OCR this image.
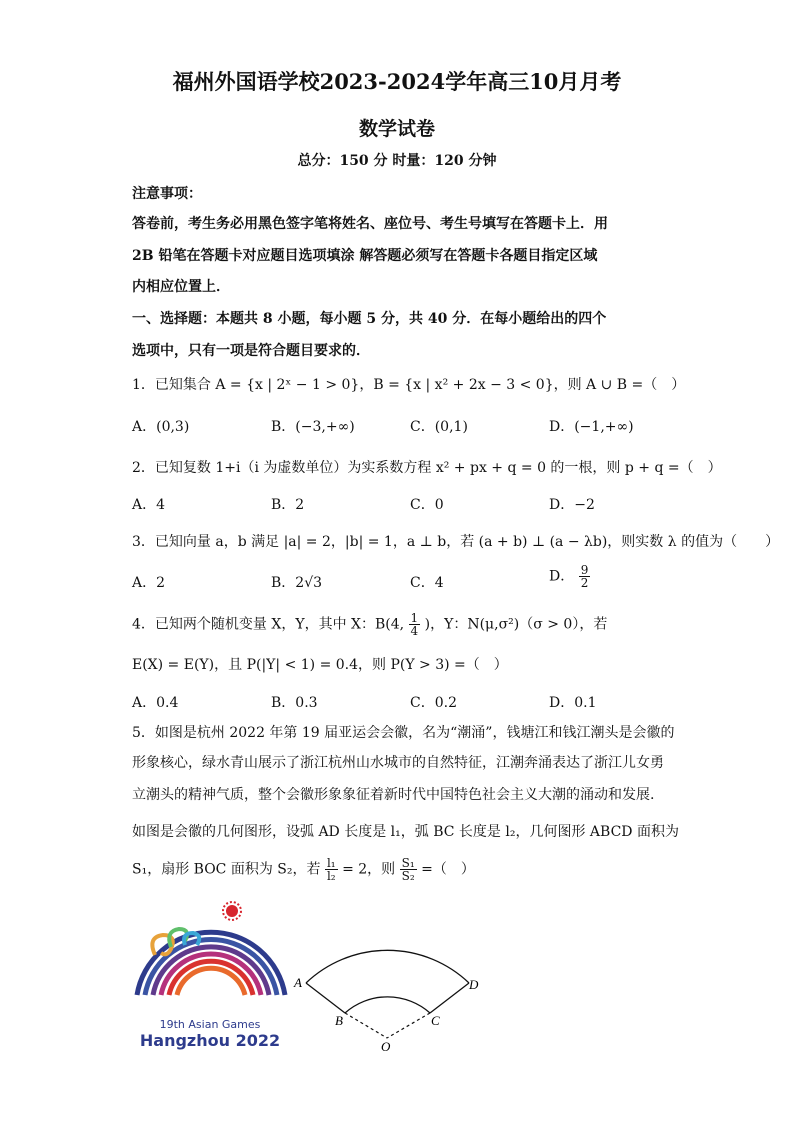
福州外国语学校2023-2024学年高三10月月考
数学试卷
总分：150 分 时量：120 分钟
注意事项：
答卷前，考生务必用黑色签字笔将姓名、座位号、考生号填写在答题卡上．用
2B 铅笔在答题卡对应题目选项填涂 解答题必须写在答题卡各题目指定区域
内相应位置上．
一、选择题：本题共 8 小题，每小题 5 分，共 40 分．在每小题给出的四个
选项中，只有一项是符合题目要求的．
1．已知集合 A = {x | 2ˣ − 1 > 0}，B = {x | x² + 2x − 3 < 0}，则 A ∪ B =（　）
A．(0,3)	B．(−3,+∞)	C．(0,1)	D．(−1,+∞)
2．已知复数 1+i（i 为虚数单位）为实系数方程 x² + px + q = 0 的一根，则 p + q =（　）
A．4	B．2	C．0	D．−2
3．已知向量 a，b 满足 |a| = 2，|b| = 1，a ⊥ b，若 (a + b) ⊥ (a − λb)，则实数 λ 的值为（　　）
A．2	B．2√3	C．4	D． $\frac{9}{2}$
4．已知两个随机变量 X，Y，其中 X：B(4, $\frac{1}{4}$ )，Y：N(μ,σ²)（σ > 0），若
E(X) = E(Y)，且 P(|Y| < 1) = 0.4，则 P(Y > 3) =（　）
A．0.4	B．0.3	C．0.2	D．0.1
5．如图是杭州 2022 年第 19 届亚运会会徽，名为“潮涌”，钱塘江和钱江潮头是会徽的
形象核心，绿水青山展示了浙江杭州山水城市的自然特征，江潮奔涌表达了浙江儿女勇
立潮头的精神气质，整个会徽形象象征着新时代中国特色社会主义大潮的涌动和发展.
如图是会徽的几何图形，设弧 AD 长度是 l₁，弧 BC 长度是 l₂，几何图形 ABCD 面积为
S₁，扇形 BOC 面积为 S₂，若 $\frac{\text{l₁}}{\text{l₂}} = 2$，则 $\frac{\text{S₁}}{\text{S₂}}$ =（　）
19th Asian Games
Hangzhou 2022
A
B	C
D
O
